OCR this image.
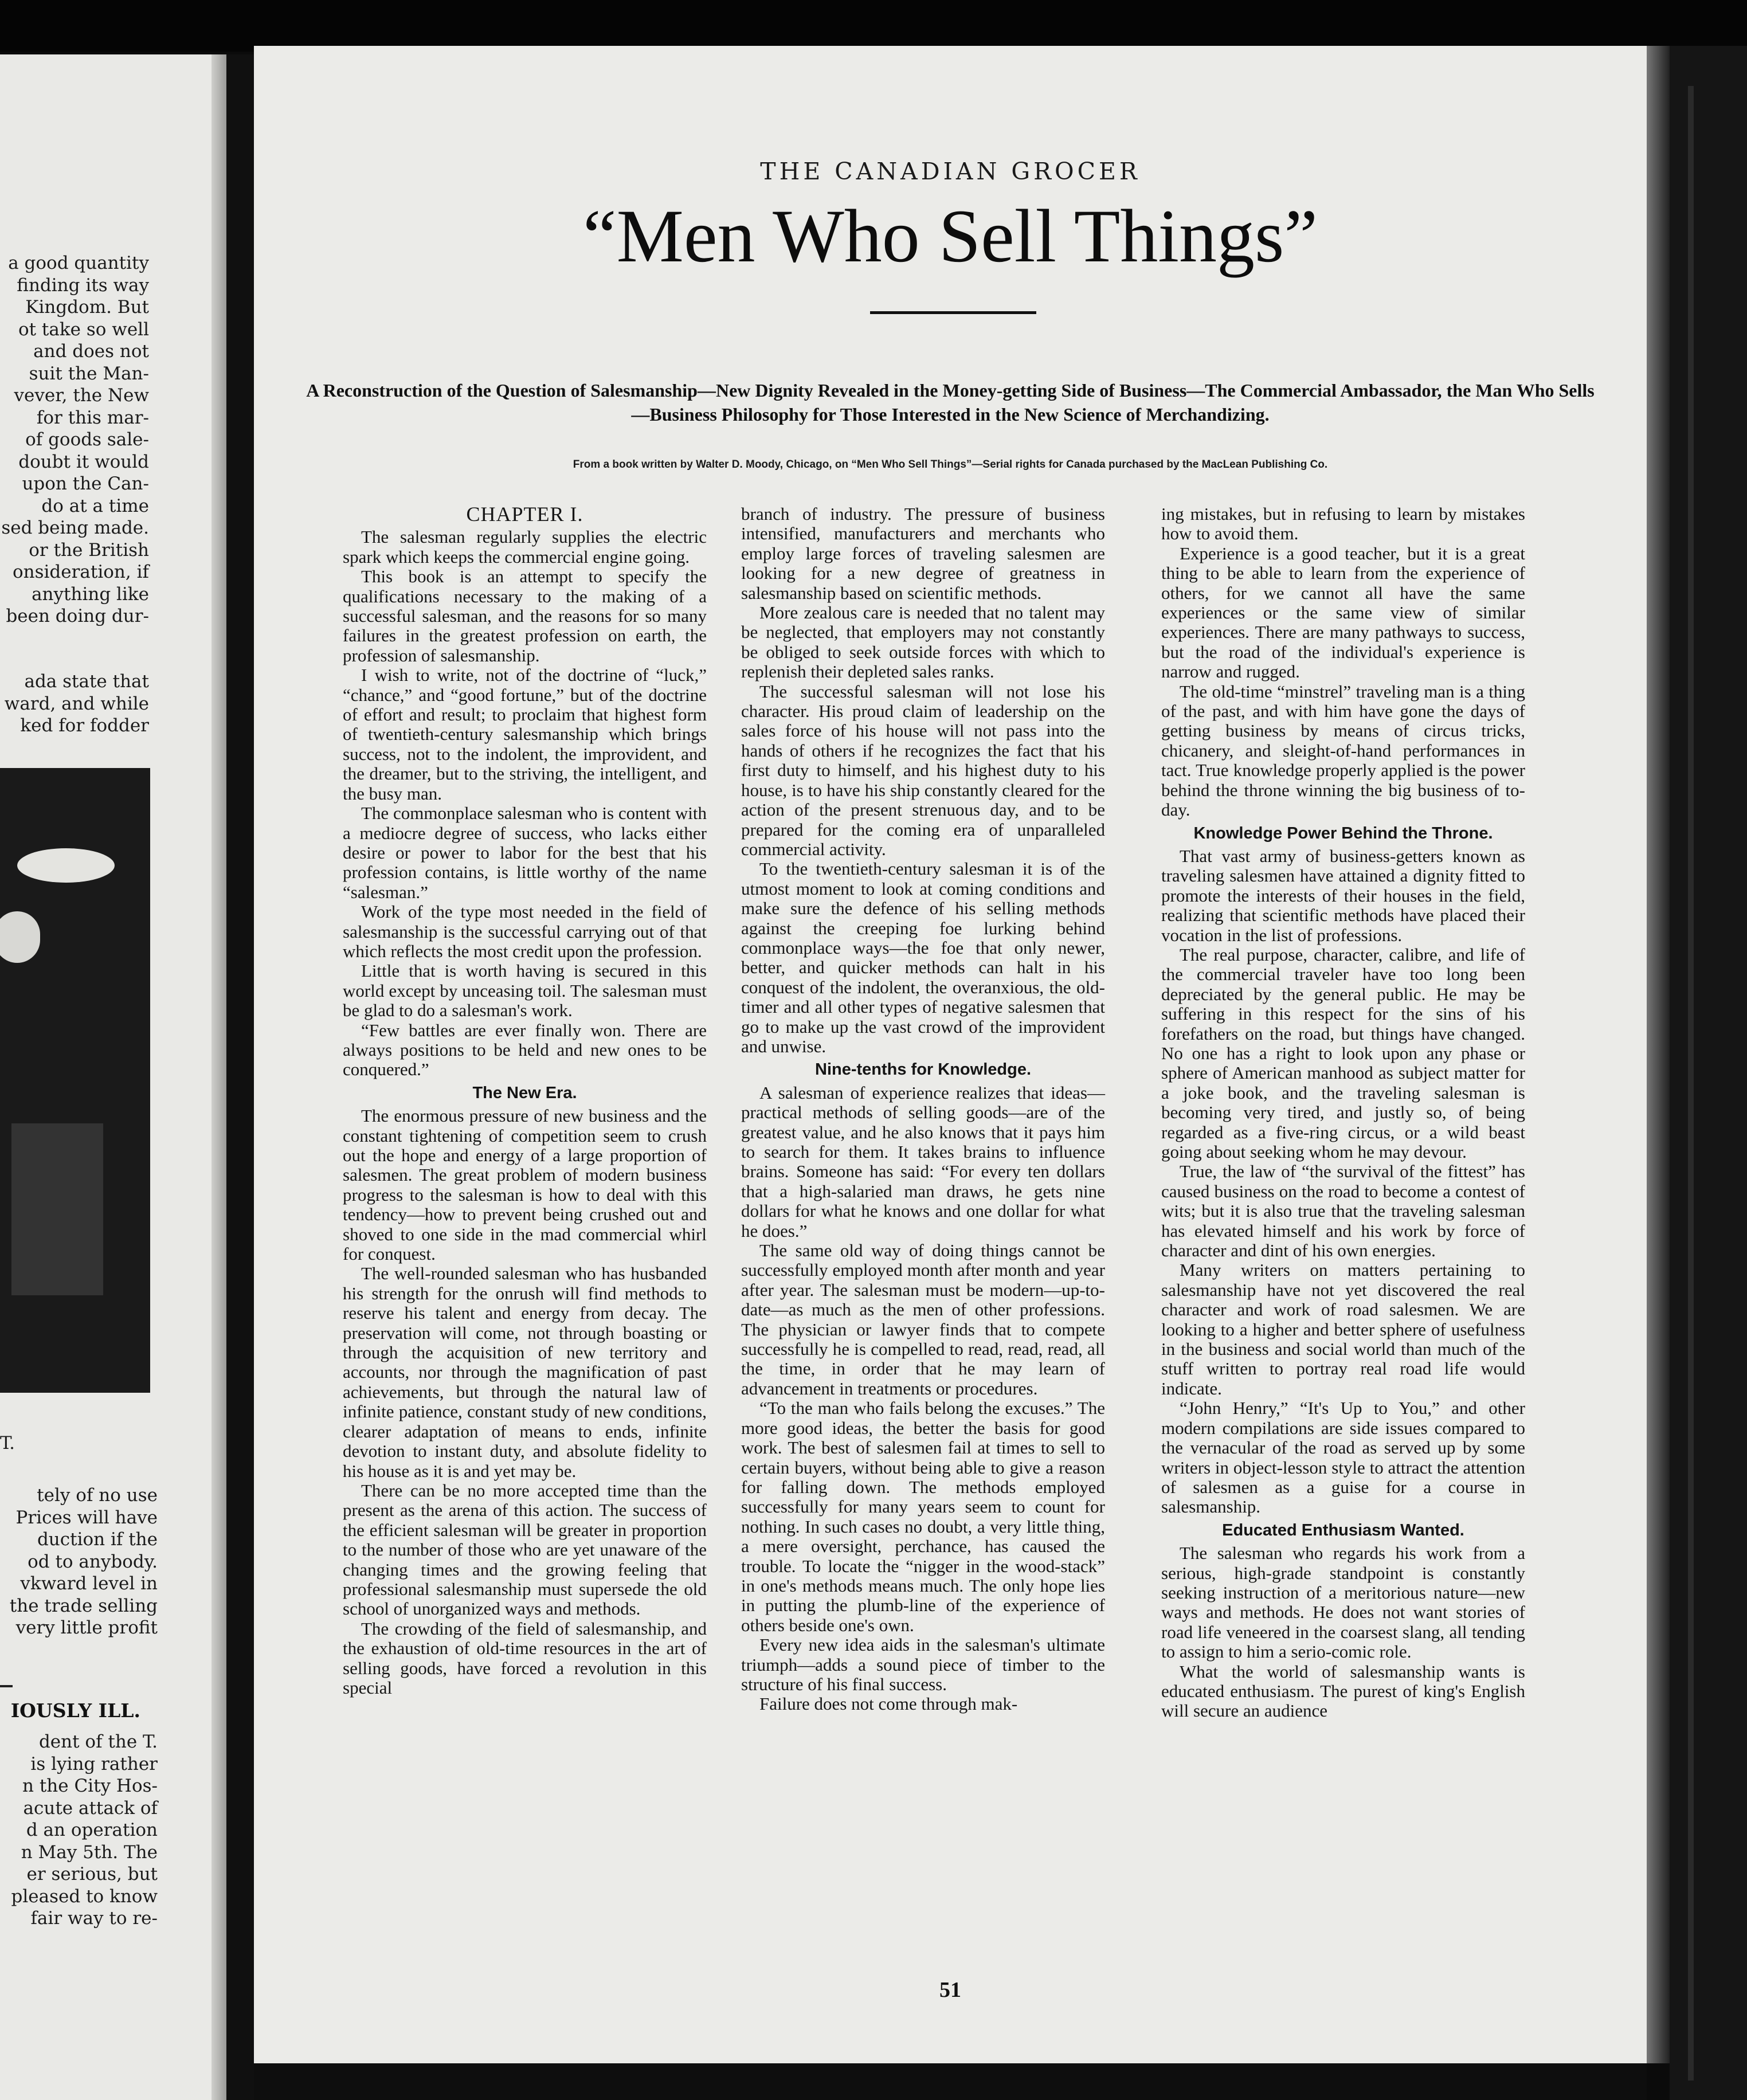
a good quantity
finding its way
Kingdom. But
ot take so well
and does not
suit the Man-
vever, the New
for this mar-
of goods sale-
doubt it would
upon the Can-
do at a time
sed being made.
or the British
onsideration, if
anything like
been doing dur-
ada state that
ward, and while
ked for fodder
T.
tely of no use
Prices will have
duction if the
od to anybody.
vkward level in
the trade selling
very little profit
IOUSLY ILL.
dent of the T.
is lying rather
n the City Hos-
acute attack of
d an operation
n May 5th. The
er serious, but
pleased to know
fair way to re-
THE CANADIAN GROCER
“Men Who Sell Things”
A Reconstruction of the Question of Salesmanship—New Dignity Revealed in the Money-getting Side of Business—The Commercial Ambassador, the Man Who Sells—Business Philosophy for Those Interested in the New Science of Merchandizing.
From a book written by Walter D. Moody, Chicago, on “Men Who Sell Things”—Serial rights for Canada purchased by the MacLean Publishing Co.

CHAPTER I.

The salesman regularly supplies the electric spark which keeps the commercial engine going.

This book is an attempt to specify the qualifications necessary to the making of a successful salesman, and the reasons for so many failures in the greatest profession on earth, the profession of salesmanship.

I wish to write, not of the doctrine of “luck,” “chance,” and “good fortune,” but of the doctrine of effort and result; to proclaim that highest form of twentieth-century salesmanship which brings success, not to the indolent, the improvident, and the dreamer, but to the striving, the intelligent, and the busy man.

The commonplace salesman who is content with a mediocre degree of success, who lacks either desire or power to labor for the best that his profession contains, is little worthy of the name “salesman.”

Work of the type most needed in the field of salesmanship is the successful carrying out of that which reflects the most credit upon the profession.

Little that is worth having is secured in this world except by unceasing toil. The salesman must be glad to do a salesman's work.

“Few battles are ever finally won. There are always positions to be held and new ones to be conquered.”

The New Era.

The enormous pressure of new business and the constant tightening of competition seem to crush out the hope and energy of a large proportion of salesmen. The great problem of modern business progress to the salesman is how to deal with this tendency—how to prevent being crushed out and shoved to one side in the mad commercial whirl for conquest.

The well-rounded salesman who has husbanded his strength for the onrush will find methods to reserve his talent and energy from decay. The preservation will come, not through boasting or through the acquisition of new territory and accounts, nor through the magnification of past achievements, but through the natural law of infinite patience, constant study of new conditions, clearer adaptation of means to ends, infinite devotion to instant duty, and absolute fidelity to his house as it is and yet may be.

There can be no more accepted time than the present as the arena of this action. The success of the efficient salesman will be greater in proportion to the number of those who are yet unaware of the changing times and the growing feeling that professional salesmanship must supersede the old school of unorganized ways and methods.

The crowding of the field of salesmanship, and the exhaustion of old-time resources in the art of selling goods, have forced a revolution in this special

branch of industry. The pressure of business intensified, manufacturers and merchants who employ large forces of traveling salesmen are looking for a new degree of greatness in salesmanship based on scientific methods.

More zealous care is needed that no talent may be neglected, that employers may not constantly be obliged to seek outside forces with which to replenish their depleted sales ranks.

The successful salesman will not lose his character. His proud claim of leadership on the sales force of his house will not pass into the hands of others if he recognizes the fact that his first duty to himself, and his highest duty to his house, is to have his ship constantly cleared for the action of the present strenuous day, and to be prepared for the coming era of unparalleled commercial activity.

To the twentieth-century salesman it is of the utmost moment to look at coming conditions and make sure the defence of his selling methods against the creeping foe lurking behind commonplace ways—the foe that only newer, better, and quicker methods can halt in his conquest of the indolent, the overanxious, the old-timer and all other types of negative salesmen that go to make up the vast crowd of the improvident and unwise.

Nine-tenths for Knowledge.

A salesman of experience realizes that ideas—practical methods of selling goods—are of the greatest value, and he also knows that it pays him to search for them. It takes brains to influence brains. Someone has said: “For every ten dollars that a high-salaried man draws, he gets nine dollars for what he knows and one dollar for what he does.”

The same old way of doing things cannot be successfully employed month after month and year after year. The salesman must be modern—up-to-date—as much as the men of other professions. The physician or lawyer finds that to compete successfully he is compelled to read, read, read, all the time, in order that he may learn of advancement in treatments or procedures.

“To the man who fails belong the excuses.” The more good ideas, the better the basis for good work. The best of salesmen fail at times to sell to certain buyers, without being able to give a reason for falling down. The methods employed successfully for many years seem to count for nothing. In such cases no doubt, a very little thing, a mere oversight, perchance, has caused the trouble. To locate the “nigger in the wood-stack” in one's methods means much. The only hope lies in putting the plumb-line of the experience of others beside one's own.

Every new idea aids in the salesman's ultimate triumph—adds a sound piece of timber to the structure of his final success.

Failure does not come through mak-

ing mistakes, but in refusing to learn by mistakes how to avoid them.

Experience is a good teacher, but it is a great thing to be able to learn from the experience of others, for we cannot all have the same experiences or the same view of similar experiences. There are many pathways to success, but the road of the individual's experience is narrow and rugged.

The old-time “minstrel” traveling man is a thing of the past, and with him have gone the days of getting business by means of circus tricks, chicanery, and sleight-of-hand performances in tact. True knowledge properly applied is the power behind the throne winning the big business of to-day.

Knowledge Power Behind the Throne.

That vast army of business-getters known as traveling salesmen have attained a dignity fitted to promote the interests of their houses in the field, realizing that scientific methods have placed their vocation in the list of professions.

The real purpose, character, calibre, and life of the commercial traveler have too long been depreciated by the general public. He may be suffering in this respect for the sins of his forefathers on the road, but things have changed. No one has a right to look upon any phase or sphere of American manhood as subject matter for a joke book, and the traveling salesman is becoming very tired, and justly so, of being regarded as a five-ring circus, or a wild beast going about seeking whom he may devour.

True, the law of “the survival of the fittest” has caused business on the road to become a contest of wits; but it is also true that the traveling salesman has elevated himself and his work by force of character and dint of his own energies.

Many writers on matters pertaining to salesmanship have not yet discovered the real character and work of road salesmen. We are looking to a higher and better sphere of usefulness in the business and social world than much of the stuff written to portray real road life would indicate.

“John Henry,” “It's Up to You,” and other modern compilations are side issues compared to the vernacular of the road as served up by some writers in object-lesson style to attract the attention of salesmen as a guise for a course in salesmanship.

Educated Enthusiasm Wanted.

The salesman who regards his work from a serious, high-grade standpoint is constantly seeking instruction of a meritorious nature—new ways and methods. He does not want stories of road life veneered in the coarsest slang, all tending to assign to him a serio-comic role.

What the world of salesmanship wants is educated enthusiasm. The purest of king's English will secure an audience

51
